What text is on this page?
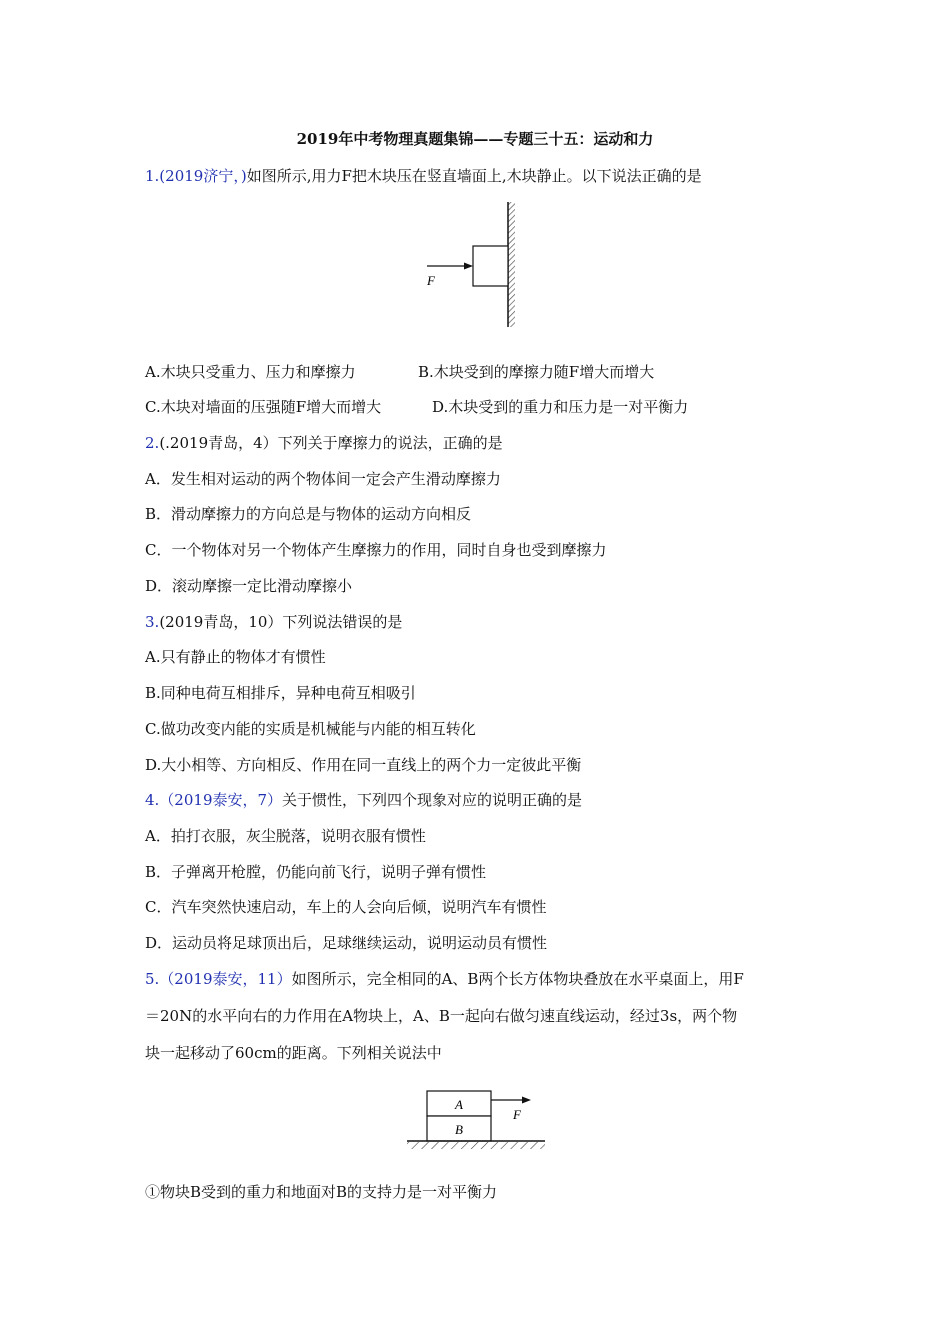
2019年中考物理真题集锦——专题三十五：运动和力
1.(2019济宁，)如图所示,用力F把木块压在竖直墙面上,木块静止。以下说法正确的是
F
A.木块只受重力、压力和摩擦力	B.木块受到的摩擦力随F增大而增大
C.木块对墙面的压强随F增大而增大	D.木块受到的重力和压力是一对平衡力
2.(.2019青岛，4）下列关于摩擦力的说法，正确的是
A．发生相对运动的两个物体间一定会产生滑动摩擦力
B．滑动摩擦力的方向总是与物体的运动方向相反
C．一个物体对另一个物体产生摩擦力的作用，同时自身也受到摩擦力
D．滚动摩擦一定比滑动摩擦小
3.(2019青岛，10）下列说法错误的是
A.只有静止的物体才有惯性
B.同种电荷互相排斥，异种电荷互相吸引
C.做功改变内能的实质是机械能与内能的相互转化
D.大小相等、方向相反、作用在同一直线上的两个力一定彼此平衡
4.（2019泰安，7）关于惯性，下列四个现象对应的说明正确的是
A．拍打衣服，灰尘脱落，说明衣服有惯性
B．子弹离开枪膛，仍能向前飞行，说明子弹有惯性
C．汽车突然快速启动，车上的人会向后倾，说明汽车有惯性
D．运动员将足球顶出后，足球继续运动，说明运动员有惯性
5.（2019泰安，11）如图所示，完全相同的A、B两个长方体物块叠放在水平桌面上，用F
＝20N的水平向右的力作用在A物块上，A、B一起向右做匀速直线运动，经过3s，两个物
块一起移动了60cm的距离。下列相关说法中
A
B
F
①物块B受到的重力和地面对B的支持力是一对平衡力
